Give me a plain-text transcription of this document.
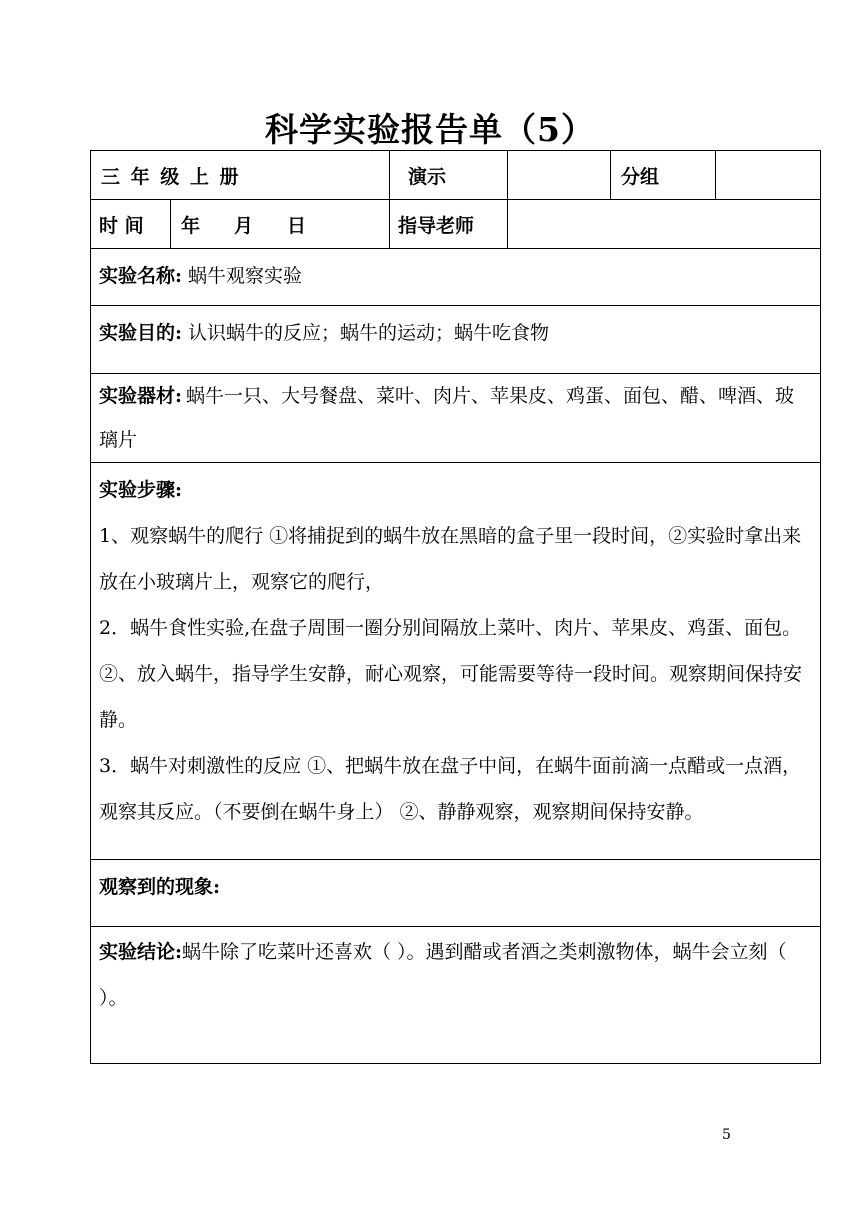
科学实验报告单（5）
三 年 级 上 册		演示		分组	

时 间	年 月 日	指导老师			

实验名称: 蜗牛观察实验					

实验目的: 认识蜗牛的反应；蜗牛的运动；蜗牛吃食物					

实验器材: 蜗牛一只、大号餐盘、菜叶、肉片、苹果皮、鸡蛋、面包、醋、啤酒、玻璃片					

实验步骤:

1、观察蜗牛的爬行 ①将捕捉到的蜗牛放在黑暗的盒子里一段时间，②实验时拿出来放在小玻璃片上，观察它的爬行，

2．蜗牛食性实验,在盘子周围一圈分别间隔放上菜叶、肉片、苹果皮、鸡蛋、面包。②、放入蜗牛，指导学生安静，耐心观察，可能需要等待一段时间。观察期间保持安静。

3．蜗牛对刺激性的反应 ①、把蜗牛放在盘子中间，在蜗牛面前滴一点醋或一点酒，观察其反应。（不要倒在蜗牛身上） ②、静静观察，观察期间保持安静。					

观察到的现象:					

实验结论:蜗牛除了吃菜叶还喜欢（ ）。遇到醋或者酒之类刺激物体，蜗牛会立刻（ ）。					
5
